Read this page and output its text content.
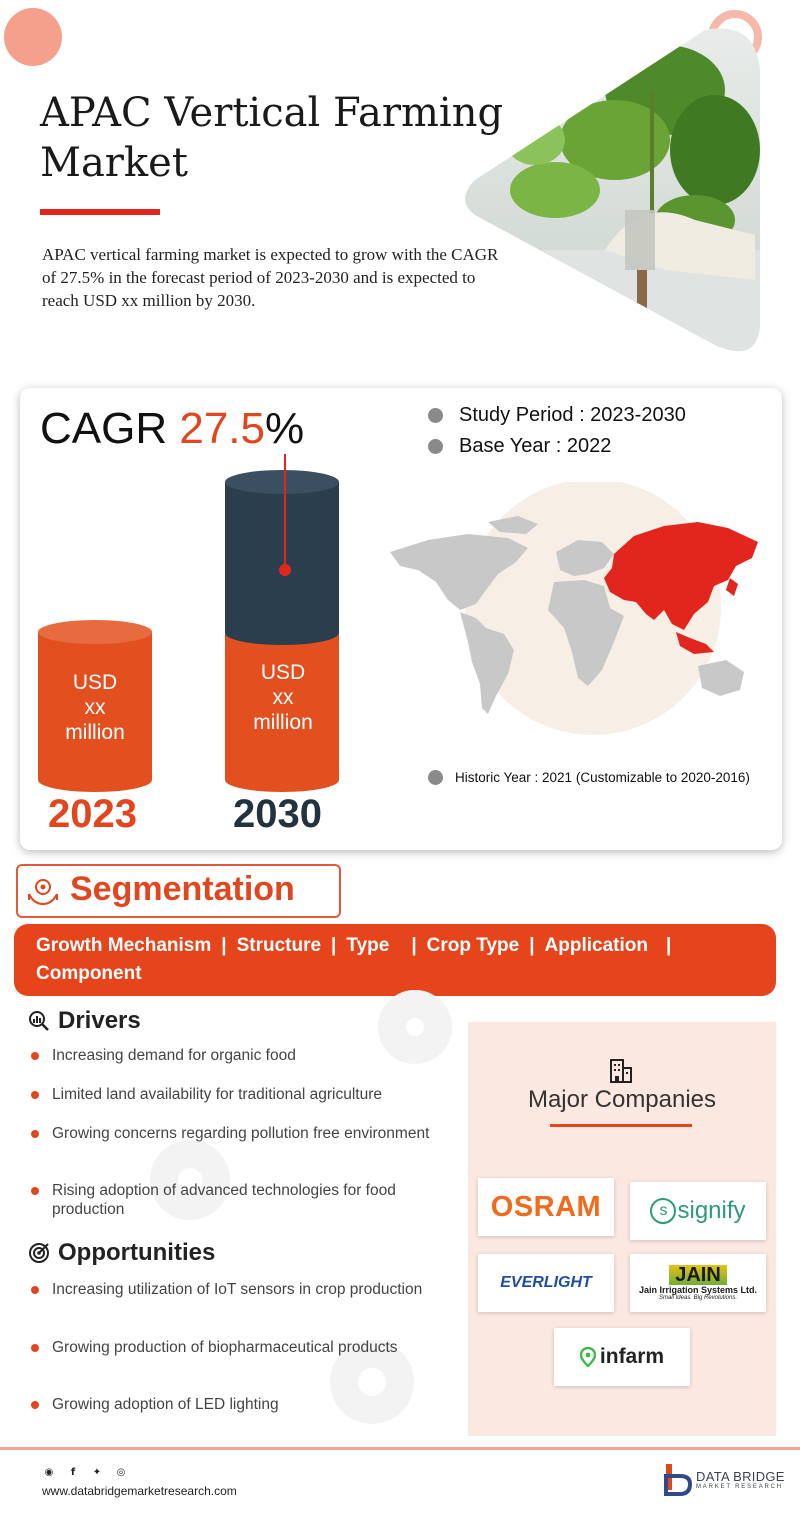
APAC Vertical Farming Market

APAC vertical farming market is expected to grow with the CAGR of 27.5% in the forecast period of 2023-2030 and is expected to reach USD xx million by 2030.

CAGR 27.5%	Study Period : 2023-2030
Base Year : 2022
Historic Year : 2021 (Customizable to 2020-2016)
USD
xx
million
USD
xx
million
2023 2030
Segmentation
Growth Mechanism | Structure | Type | Crop Type | Application |
Component
Drivers
Increasing demand for organic food
Limited land availability for traditional agriculture
Growing concerns regarding pollution free environment
Rising adoption of advanced technologies for food production
Opportunities
Increasing utilization of IoT sensors in crop production
Growing production of biopharmaceutical products
Growing adoption of LED lighting
Major Companies
OSRAM	s signify
EVERLIGHT	JAIN
Jain Irrigation Systems Ltd.
Small Ideas. Big Revolutions.
infarm
◉	f	✦ ◎
www.databridgemarketresearch.com
DATA BRIDGE
MARKET RESEARCH
